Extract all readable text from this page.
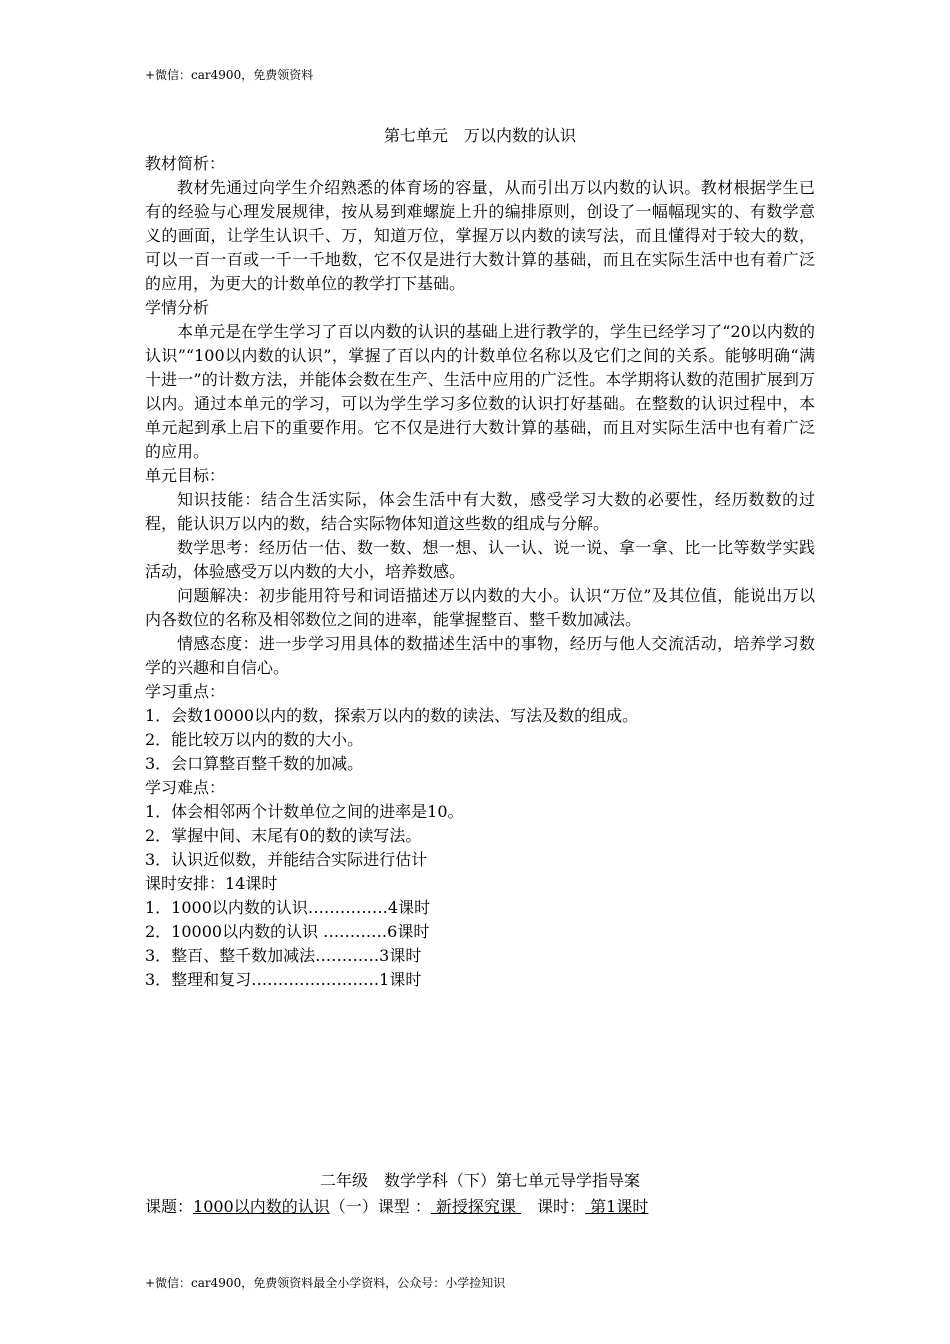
+微信：car4900，免费领资料
第七单元　万以内数的认识

教材简析：

教材先通过向学生介绍熟悉的体育场的容量，从而引出万以内数的认识。教材根据学生已有的经验与心理发展规律，按从易到难螺旋上升的编排原则，创设了一幅幅现实的、有数学意义的画面，让学生认识千、万，知道万位，掌握万以内数的读写法，而且懂得对于较大的数，可以一百一百或一千一千地数，它不仅是进行大数计算的基础，而且在实际生活中也有着广泛的应用，为更大的计数单位的教学打下基础。

学情分析

本单元是在学生学习了百以内数的认识的基础上进行教学的，学生已经学习了“20以内数的认识”“100以内数的认识”，掌握了百以内的计数单位名称以及它们之间的关系。能够明确“满十进一”的计数方法，并能体会数在生产、生活中应用的广泛性。本学期将认数的范围扩展到万以内。通过本单元的学习，可以为学生学习多位数的认识打好基础。在整数的认识过程中，本单元起到承上启下的重要作用。它不仅是进行大数计算的基础，而且对实际生活中也有着广泛的应用。

单元目标：

知识技能：结合生活实际，体会生活中有大数，感受学习大数的必要性，经历数数的过程，能认识万以内的数，结合实际物体知道这些数的组成与分解。

数学思考：经历估一估、数一数、想一想、认一认、说一说、拿一拿、比一比等数学实践活动，体验感受万以内数的大小，培养数感。

问题解决：初步能用符号和词语描述万以内数的大小。认识“万位”及其位值，能说出万以内各数位的名称及相邻数位之间的进率，能掌握整百、整千数加减法。

情感态度：进一步学习用具体的数描述生活中的事物，经历与他人交流活动，培养学习数学的兴趣和自信心。

学习重点：

1．会数10000以内的数，探索万以内的数的读法、写法及数的组成。

2．能比较万以内的数的大小。

3．会口算整百整千数的加减。

学习难点：

1．体会相邻两个计数单位之间的进率是10。

2．掌握中间、末尾有0的数的读写法。

3．认识近似数，并能结合实际进行估计

课时安排：14课时

1．1000以内数的认识……………4课时

2．10000以内数的认识 …………6课时

3．整百、整千数加减法…………3课时

3．整理和复习……………………1课时

二年级　数学学科（下）第七单元导学指导案
课题：1000以内数的认识（一）课型 ： 新授探究课 　课时： 第1课时
+微信：car4900，免费领资料最全小学资料，公众号：小学捡知识
